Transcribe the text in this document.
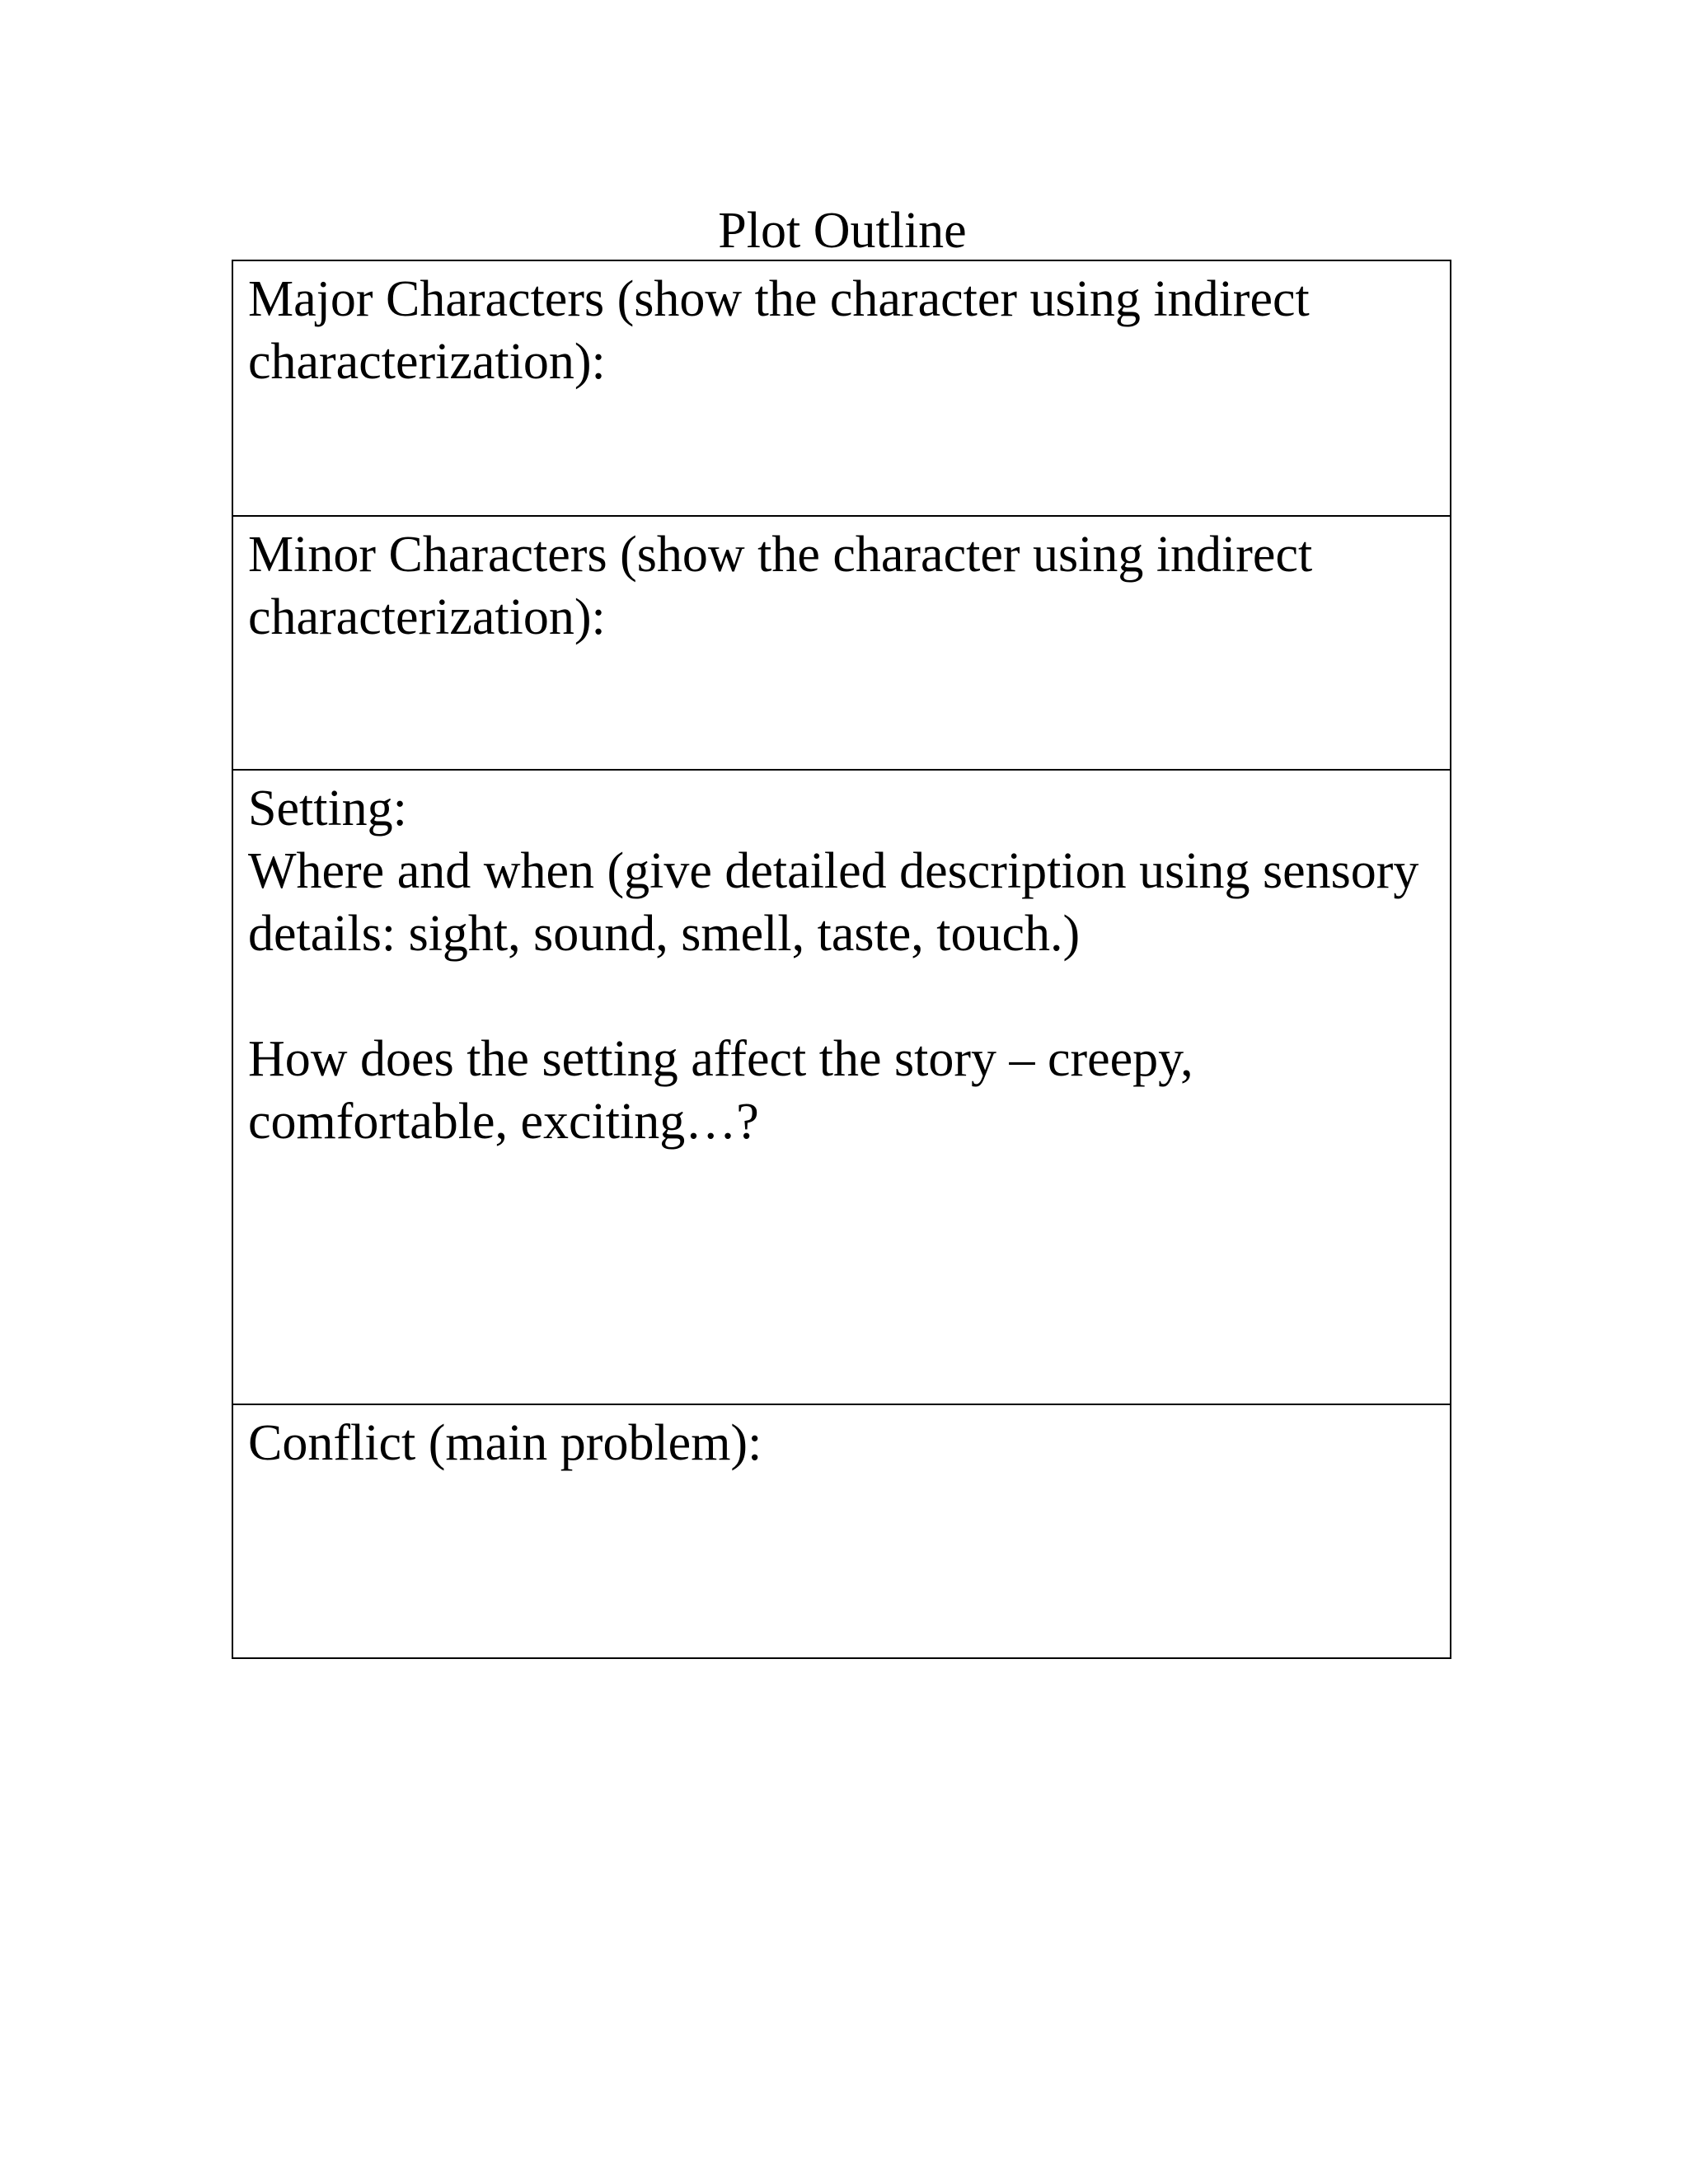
Plot Outline
Major Characters (show the character using indirect characterization):

Minor Characters (show the character using indirect characterization):

Setting:
Where and when (give detailed description using sensory details: sight, sound, smell, taste, touch.)
How does the setting affect the story – creepy, comfortable, exciting…?

Conflict (main problem):
